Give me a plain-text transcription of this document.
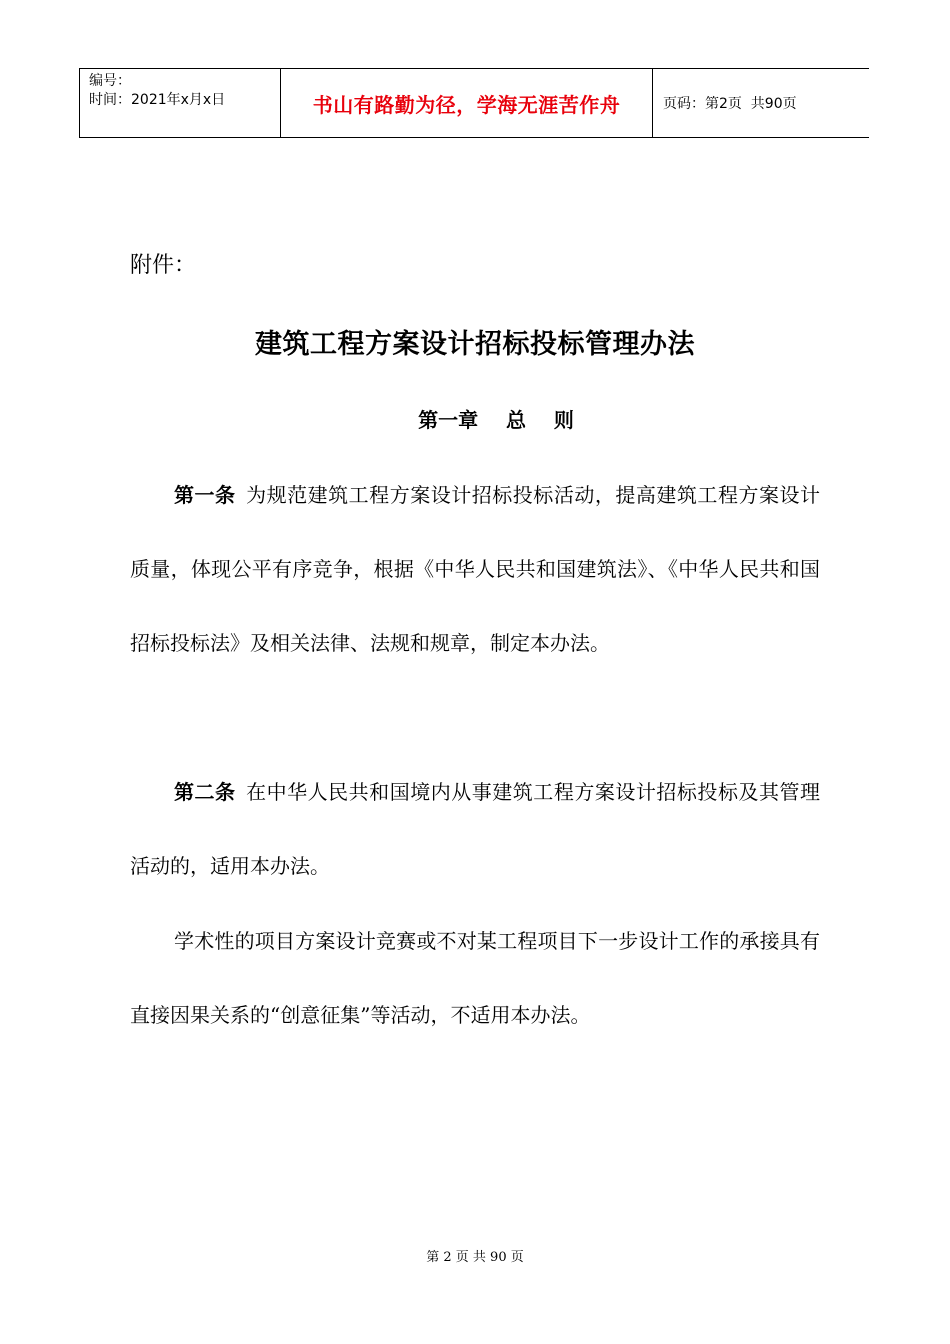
编号：
时间：2021年x月x日	书山有路勤为径，学海无涯苦作舟	页码：第2页  共90页
附件：
建筑工程方案设计招标投标管理办法
第一章    总    则

第一条  为规范建筑工程方案设计招标投标活动，提高建筑工程方案设计质量，体现公平有序竞争，根据《中华人民共和国建筑法》、《中华人民共和国招标投标法》及相关法律、法规和规章，制定本办法。

第二条  在中华人民共和国境内从事建筑工程方案设计招标投标及其管理活动的，适用本办法。

学术性的项目方案设计竞赛或不对某工程项目下一步设计工作的承接具有直接因果关系的“创意征集”等活动，不适用本办法。

第 2 页 共 90 页
